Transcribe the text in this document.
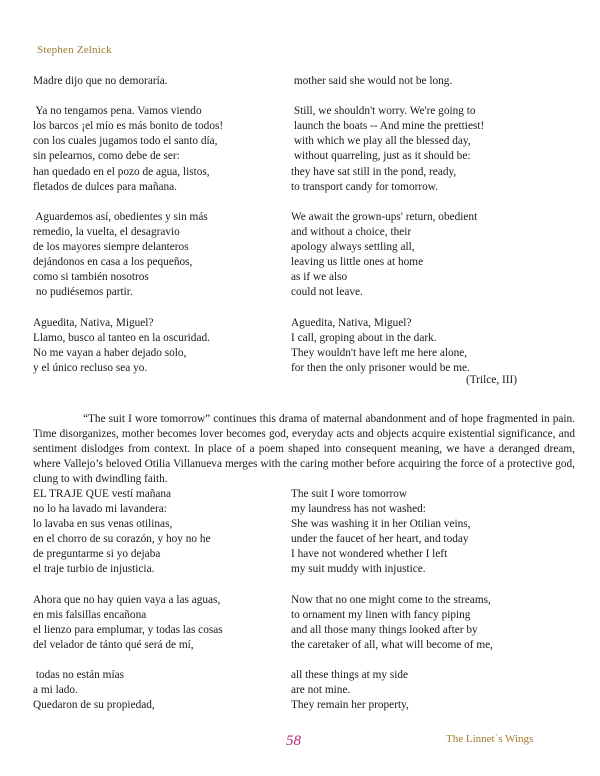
Stephen Zelnick
Madre dijo que no demoraría.
Ya no tengamos pena. Vamos viendo
los barcos ¡el mío es más bonito de todos!
con los cuales jugamos todo el santo día,
sin pelearnos, como debe de ser:
han quedado en el pozo de agua, listos,
fletados de dulces para mañana.
Aguardemos así, obedientes y sin más
remedio, la vuelta, el desagravio
de los mayores siempre delanteros
dejándonos en casa a los pequeños,
como si también nosotros
no pudiésemos partir.
Aguedita, Nativa, Miguel?
Llamo, busco al tanteo en la oscuridad.
No me vayan a haber dejado solo,
y el único recluso sea yo.
mother said she would not be long.
Still, we shouldn't worry. We're going to
launch the boats -- And mine the prettiest!
with which we play all the blessed day,
without quarreling, just as it should be:
they have sat still in the pond, ready,
to transport candy for tomorrow.
We await the grown-ups' return, obedient
and without a choice, their
apology always settling all,
leaving us little ones at home
as if we also
could not leave.
Aguedita, Nativa, Miguel?
I call, groping about in the dark.
They wouldn't have left me here alone,
for then the only prisoner would be me.
(Trilce, III)

“The suit I wore tomorrow” continues this drama of maternal abandonment and of hope fragmented in pain. Time disorganizes, mother becomes lover becomes god, everyday acts and objects acquire existential significance, and sentiment dislodges from context. In place of a poem shaped into consequent meaning, we have a deranged dream, where Vallejo’s beloved Otilia Villanueva merges with the caring mother before acquiring the force of a protective god, clung to with dwindling faith.

EL TRAJE QUE vestí mañana
no lo ha lavado mi lavandera:
lo lavaba en sus venas otilinas,
en el chorro de su corazón, y hoy no he
de preguntarme si yo dejaba
el traje turbio de injusticia.
Ahora que no hay quien vaya a las aguas,
en mis falsillas encañona
el lienzo para emplumar, y todas las cosas
del velador de tánto qué será de mí,
todas no están mías
a mi lado.
Quedaron de su propiedad,
The suit I wore tomorrow
my laundress has not washed:
She was washing it in her Otilian veins,
under the faucet of her heart, and today
I have not wondered whether I left
my suit muddy with injustice.
Now that no one might come to the streams,
to ornament my linen with fancy piping
and all those many things looked after by
the caretaker of all, what will become of me,
all these things at my side
are not mine.
They remain her property,
58	The Linnet´s Wings
